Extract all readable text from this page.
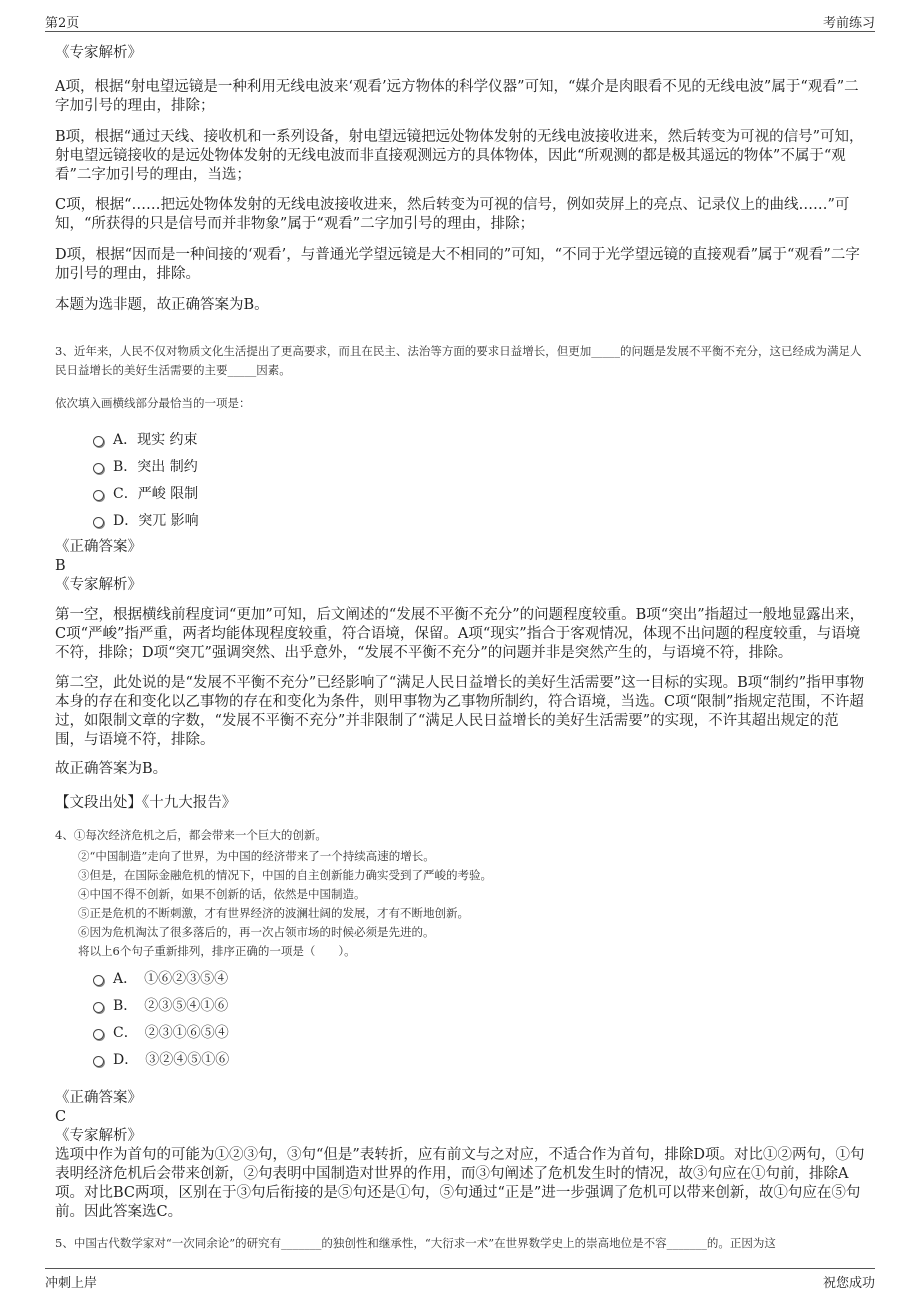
第2页	考前练习

《专家解析》

A项，根据“射电望远镜是一种利用无线电波来‘观看’远方物体的科学仪器”可知，“媒介是肉眼看不见的无线电波”属于“观看”二字加引号的理由，排除；

B项，根据“通过天线、接收机和一系列设备，射电望远镜把远处物体发射的无线电波接收进来，然后转变为可视的信号”可知，射电望远镜接收的是远处物体发射的无线电波而非直接观测远方的具体物体，因此“所观测的都是极其遥远的物体”不属于“观看”二字加引号的理由，当选；

C项，根据“……把远处物体发射的无线电波接收进来，然后转变为可视的信号，例如荧屏上的亮点、记录仪上的曲线……”可知，“所获得的只是信号而并非物象”属于“观看”二字加引号的理由，排除；

D项，根据“因而是一种间接的‘观看’，与普通光学望远镜是大不相同的”可知，“不同于光学望远镜的直接观看”属于“观看”二字加引号的理由，排除。

本题为选非题，故正确答案为B。

3、近年来，人民不仅对物质文化生活提出了更高要求，而且在民主、法治等方面的要求日益增长，但更加_____的问题是发展不平衡不充分，这已经成为满足人民日益增长的美好生活需要的主要_____因素。

依次填入画横线部分最恰当的一项是：

A．现实 约束
B．突出 制约
C．严峻 限制
D．突兀 影响

《正确答案》

B

《专家解析》

第一空，根据横线前程度词“更加”可知，后文阐述的“发展不平衡不充分”的问题程度较重。B项“突出”指超过一般地显露出来，C项“严峻”指严重，两者均能体现程度较重，符合语境，保留。A项“现实”指合于客观情况，体现不出问题的程度较重，与语境不符，排除；D项“突兀”强调突然、出乎意外，“发展不平衡不充分”的问题并非是突然产生的，与语境不符，排除。

第二空，此处说的是“发展不平衡不充分”已经影响了“满足人民日益增长的美好生活需要”这一目标的实现。B项“制约”指甲事物本身的存在和变化以乙事物的存在和变化为条件，则甲事物为乙事物所制约，符合语境，当选。C项“限制”指规定范围，不许超过，如限制文章的字数，“发展不平衡不充分”并非限制了“满足人民日益增长的美好生活需要”的实现，不许其超出规定的范围，与语境不符，排除。

故正确答案为B。

【文段出处】《十九大报告》

4、①每次经济危机之后，都会带来一个巨大的创新。

②“中国制造”走向了世界，为中国的经济带来了一个持续高速的增长。
③但是，在国际金融危机的情况下，中国的自主创新能力确实受到了严峻的考验。
④中国不得不创新，如果不创新的话，依然是中国制造。
⑤正是危机的不断刺激，才有世界经济的波澜壮阔的发展，才有不断地创新。
⑥因为危机淘汰了很多落后的，再一次占领市场的时候必须是先进的。
将以上6个句子重新排列，排序正确的一项是（　　）。
A．　①⑥②③⑤④
B．　②③⑤④①⑥
C．　②③①⑥⑤④
D．　③②④⑤①⑥

《正确答案》

C

《专家解析》

选项中作为首句的可能为①②③句，③句“但是”表转折，应有前文与之对应，不适合作为首句，排除D项。对比①②两句，①句表明经济危机后会带来创新，②句表明中国制造对世界的作用，而③句阐述了危机发生时的情况，故③句应在①句前，排除A项。对比BC两项，区别在于③句后衔接的是⑤句还是①句，⑤句通过“正是”进一步强调了危机可以带来创新，故①句应在⑤句前。因此答案选C。

5、中国古代数学家对“一次同余论”的研究有_______的独创性和继承性，“大衍求一术”在世界数学史上的崇高地位是不容_______的。正因为这

冲刺上岸	祝您成功
